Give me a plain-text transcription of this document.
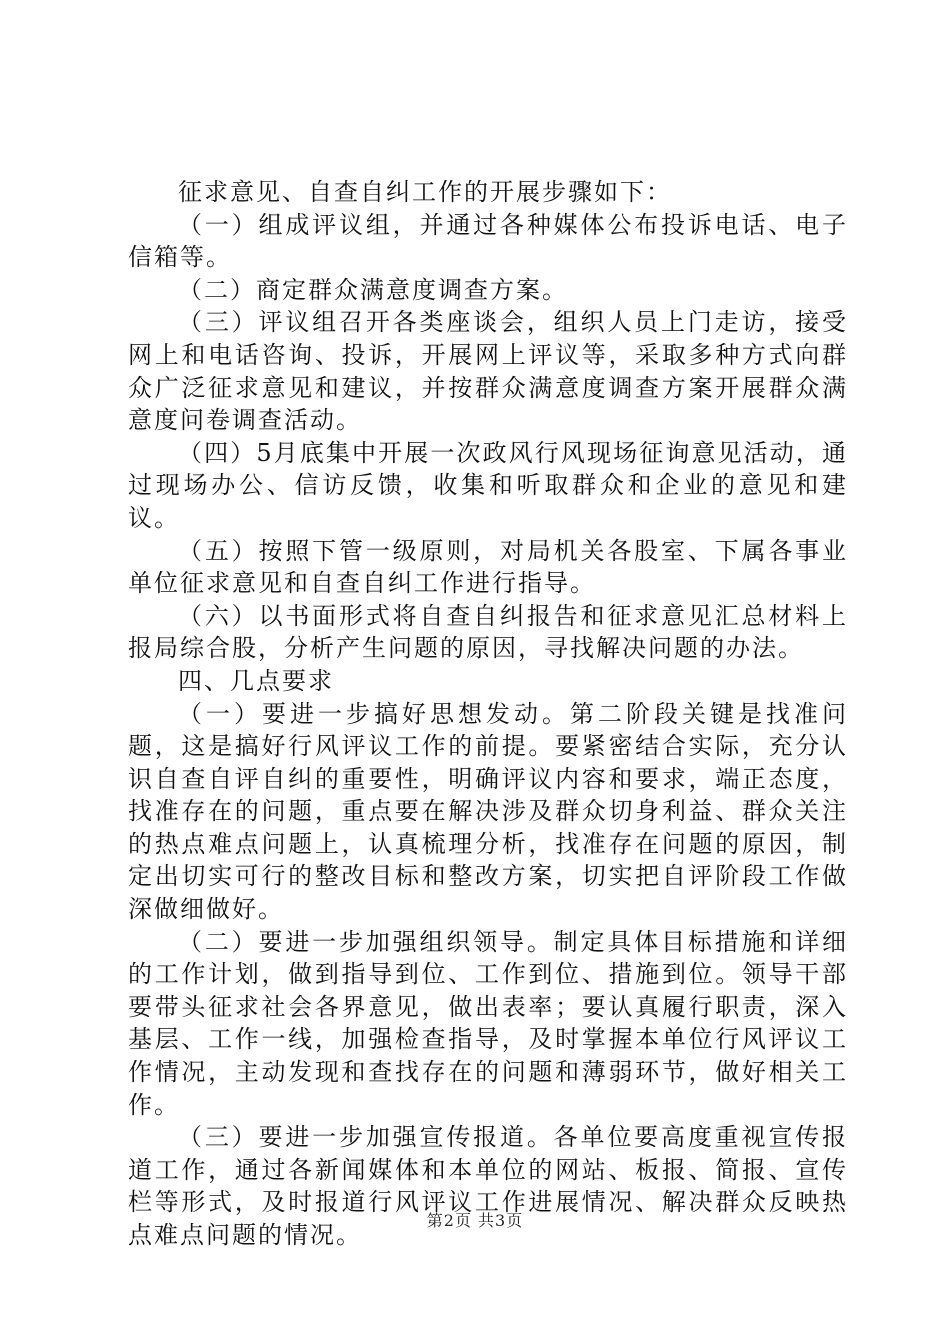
征求意见、自查自纠工作的开展步骤如下：

（一）组成评议组，并通过各种媒体公布投诉电话、电子信箱等。

（二）商定群众满意度调查方案。

（三）评议组召开各类座谈会，组织人员上门走访，接受网上和电话咨询、投诉，开展网上评议等，采取多种方式向群众广泛征求意见和建议，并按群众满意度调查方案开展群众满意度问卷调查活动。

（四）5月底集中开展一次政风行风现场征询意见活动，通过现场办公、信访反馈，收集和听取群众和企业的意见和建议。

（五）按照下管一级原则，对局机关各股室、下属各事业单位征求意见和自查自纠工作进行指导。

（六）以书面形式将自查自纠报告和征求意见汇总材料上报局综合股，分析产生问题的原因，寻找解决问题的办法。

四、几点要求

（一）要进一步搞好思想发动。第二阶段关键是找准问题，这是搞好行风评议工作的前提。要紧密结合实际，充分认识自查自评自纠的重要性，明确评议内容和要求，端正态度，找准存在的问题，重点要在解决涉及群众切身利益、群众关注的热点难点问题上，认真梳理分析，找准存在问题的原因，制定出切实可行的整改目标和整改方案，切实把自评阶段工作做深做细做好。

（二）要进一步加强组织领导。制定具体目标措施和详细的工作计划，做到指导到位、工作到位、措施到位。领导干部要带头征求社会各界意见，做出表率；要认真履行职责，深入基层、工作一线，加强检查指导，及时掌握本单位行风评议工作情况，主动发现和查找存在的问题和薄弱环节，做好相关工作。

（三）要进一步加强宣传报道。各单位要高度重视宣传报道工作，通过各新闻媒体和本单位的网站、板报、简报、宣传栏等形式，及时报道行风评议工作进展情况、解决群众反映热点难点问题的情况。

第2页 共3页
